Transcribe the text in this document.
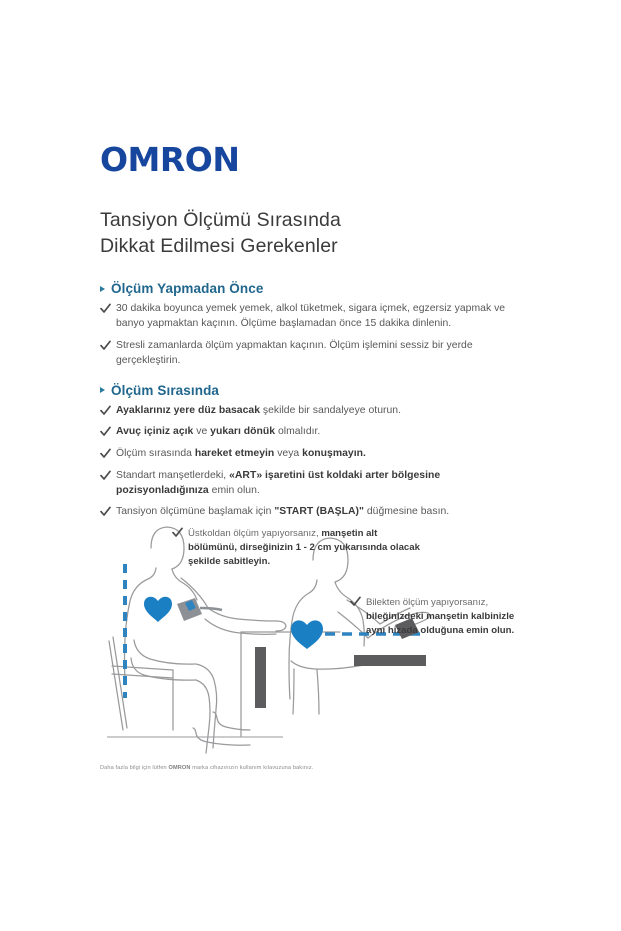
OMRON
Tansiyon Ölçümü Sırasında
Dikkat Edilmesi Gerekenler
Ölçüm Yapmadan Önce
30 dakika boyunca yemek yemek, alkol tüketmek, sigara içmek, egzersiz yapmak ve banyo yapmaktan kaçının. Ölçüme başlamadan önce 15 dakika dinlenin.
Stresli zamanlarda ölçüm yapmaktan kaçının. Ölçüm işlemini sessiz bir yerde gerçekleştirin.
Ölçüm Sırasında
Ayaklarınız yere düz basacak şekilde bir sandalyeye oturun.
Avuç içiniz açık ve yukarı dönük olmalıdır.
Ölçüm sırasında hareket etmeyin veya konuşmayın.
Standart manşetlerdeki, «ART» işaretini üst koldaki arter bölgesine pozisyonladığınıza emin olun.
Tansiyon ölçümüne başlamak için "START (BAŞLA)" düğmesine basın.
Üstkoldan ölçüm yapıyorsanız, manşetin alt bölümünü, dirseğinizin 1 - 2 cm yukarısında olacak şekilde sabitleyin.
Bilekten ölçüm yapıyorsanız, bileğinizdeki manşetin kalbinizle aynı hizada olduğuna emin olun.
Daha fazla bilgi için lütfen OMRON marka cihazınızın kullanım kılavuzuna bakınız.
